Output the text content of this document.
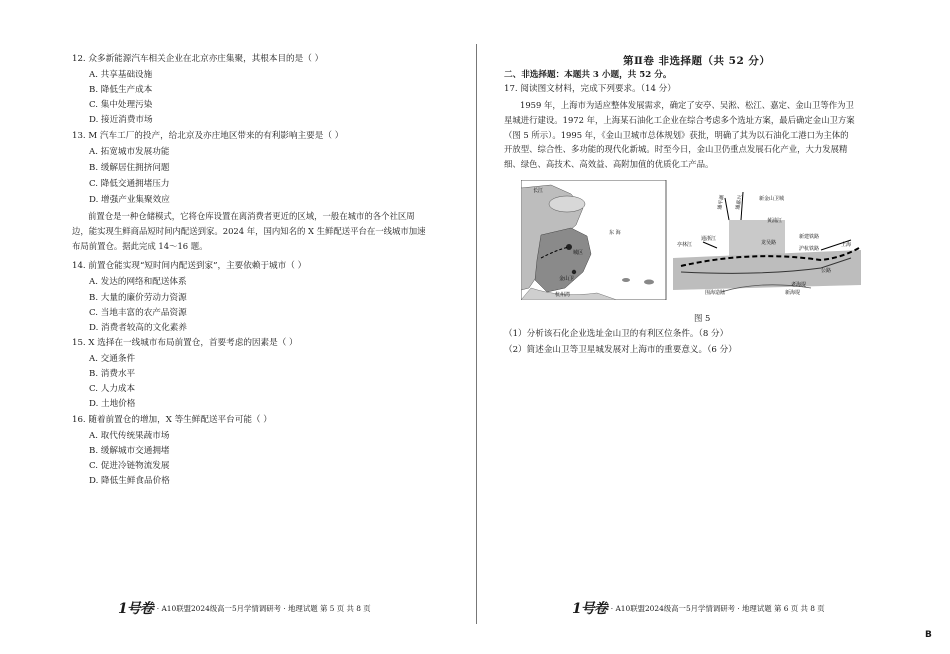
12. 众多新能源汽车相关企业在北京亦庄集聚，其根本目的是（ ）
A. 共享基础设施
B. 降低生产成本
C. 集中处理污染
D. 接近消费市场
13. M 汽车工厂的投产，给北京及亦庄地区带来的有利影响主要是（ ）
A. 拓宽城市发展功能
B. 缓解居住拥挤问题
C. 降低交通拥堵压力
D. 增强产业集聚效应

前置仓是一种仓储模式，它将仓库设置在离消费者更近的区域，一般在城市的各个社区周

边，能实现生鲜商品短时间内配送到家。2024 年，国内知名的 X 生鲜配送平台在一线城市加速

布局前置仓。据此完成 14～16 题。

14. 前置仓能实现“短时间内配送到家”，主要依赖于城市（ ）
A. 发达的网络和配送体系
B. 大量的廉价劳动力资源
C. 当地丰富的农产品资源
D. 消费者较高的文化素养
15. X 选择在一线城市布局前置仓，首要考虑的因素是（ ）
A. 交通条件
B. 消费水平
C. 人力成本
D. 土地价格
16. 随着前置仓的增加，X 等生鲜配送平台可能（ ）
A. 取代传统果蔬市场
B. 缓解城市交通拥堵
C. 促进冷链物流发展
D. 降低生鲜食品价格
1号卷 · A10联盟2024级高一5月学情调研考 · 地理试题 第 5 页 共 8 页
第Ⅱ卷 非选择题（共 52 分）
二、非选择题：本题共 3 小题，共 52 分。
17. 阅读图文材料，完成下列要求。（14 分）

1959 年，上海市为适应整体发展需求，确定了安亭、吴淞、松江、嘉定、金山卫等作为卫

星城进行建设。1972 年，上海某石油化工企业在综合考虑多个选址方案，最后确定金山卫方案

（图 5 所示）。1995 年，《金山卫城市总体规划》获批，明确了其为以石油化工港口为主体的

开放型、综合性、多功能的现代化新城。时至今日，金山卫仍重点发展石化产业，大力发展精

细、绿色、高技术、高效益、高附加值的优质化工产品。

长江
城区
东 海
金山卫
杭州湾
新金山卫城
通平湖 通嘉兴
黄浦江
通浙江
龙吴路
新建铁路
沪杭铁路
上海
公路
老海堤
新海堤
围海造陆
亭林江
图 5
（1）分析该石化企业选址金山卫的有利区位条件。（8 分）
（2）简述金山卫等卫星城发展对上海市的重要意义。（6 分）
1号卷 · A10联盟2024级高一5月学情调研考 · 地理试题 第 6 页 共 8 页
B
